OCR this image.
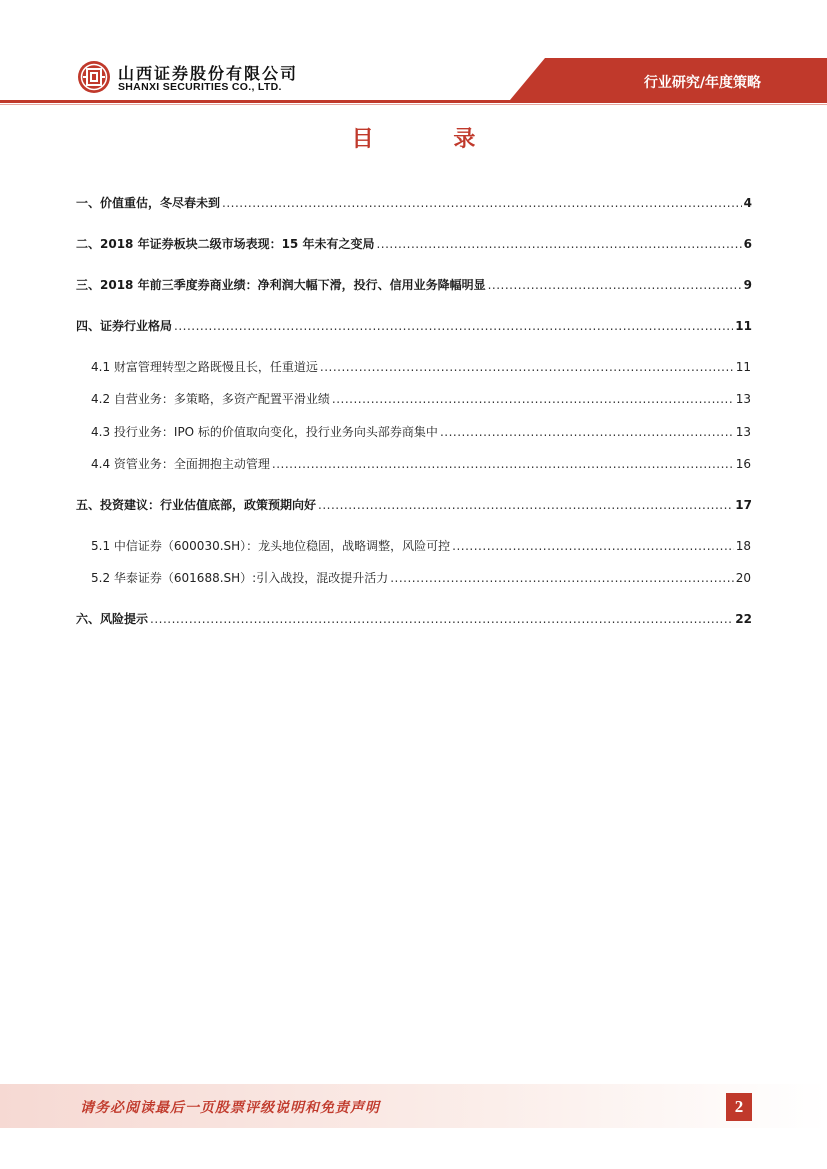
山西证券股份有限公司
SHANXI SECURITIES CO., LTD.	行业研究/年度策略
目 录
一、价值重估，冬尽春未到 .....	4
二、2018 年证券板块二级市场表现：15 年未有之变局 .....	6
三、2018 年前三季度券商业绩：净利润大幅下滑，投行、信用业务降幅明显 .....	9
四、证券行业格局 .....	11
4.1 财富管理转型之路既慢且长，任重道远 .....	11
4.2 自营业务：多策略，多资产配置平滑业绩 .....	13
4.3 投行业务：IPO 标的价值取向变化，投行业务向头部券商集中 .....	13
4.4 资管业务：全面拥抱主动管理 .....	16
五、投资建议：行业估值底部，政策预期向好 .....	17
5.1 中信证券（600030.SH）：龙头地位稳固，战略调整，风险可控 .....	18
5.2 华泰证券（601688.SH）:引入战投，混改提升活力 .....	20
六、风险提示 .....	22
请务必阅读最后一页股票评级说明和免责声明	2
